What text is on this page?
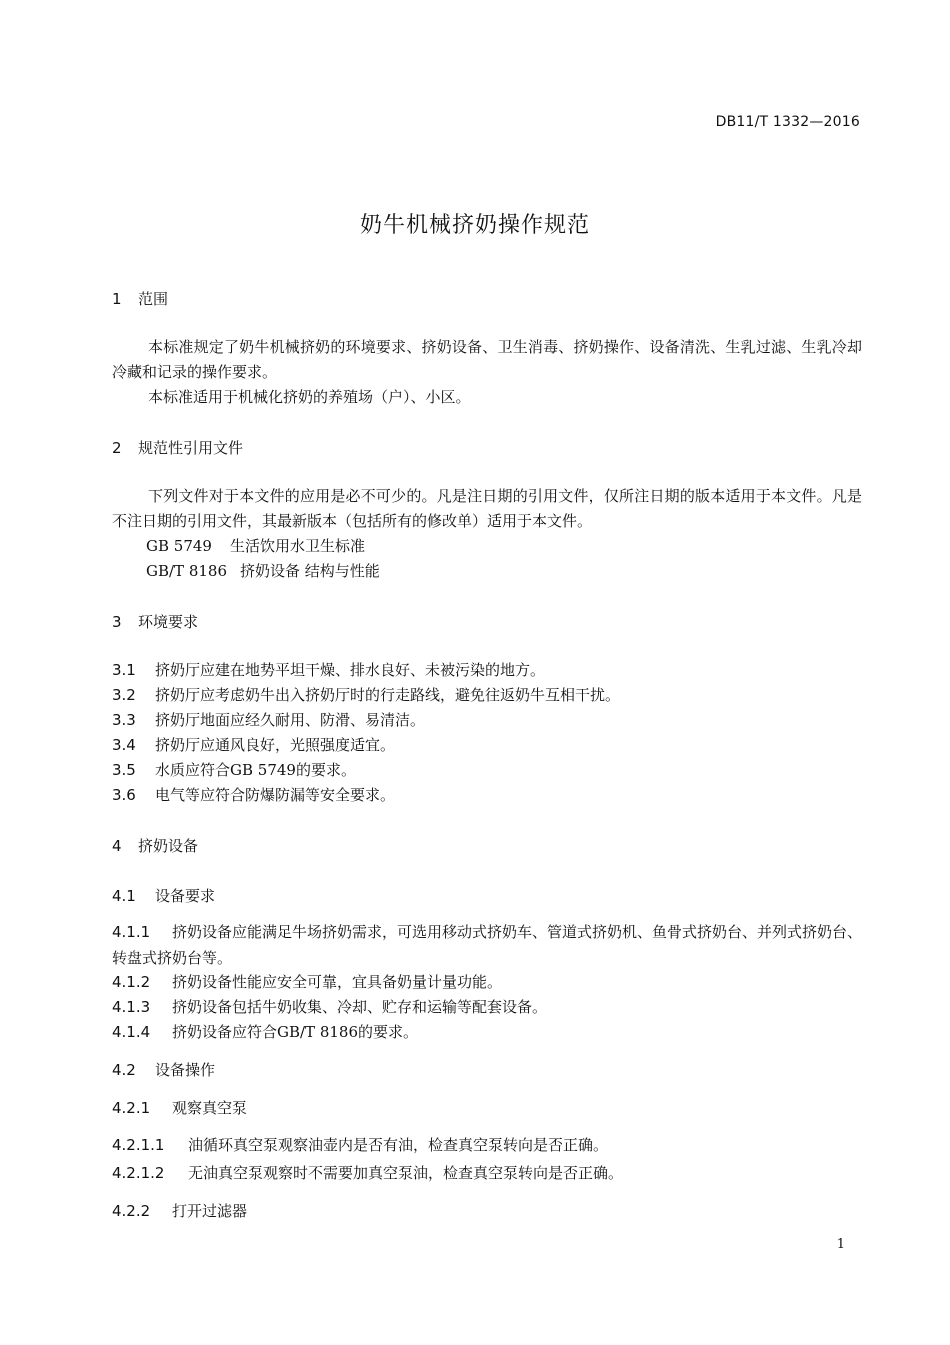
DB11/T 1332—2016
奶牛机械挤奶操作规范
1 范围
本标准规定了奶牛机械挤奶的环境要求、挤奶设备、卫生消毒、挤奶操作、设备清洗、生乳过滤、生乳冷却冷藏和记录的操作要求。
本标准适用于机械化挤奶的养殖场（户）、小区。
2 规范性引用文件
下列文件对于本文件的应用是必不可少的。凡是注日期的引用文件，仅所注日期的版本适用于本文件。凡是不注日期的引用文件，其最新版本（包括所有的修改单）适用于本文件。
GB 5749 生活饮用水卫生标准
GB/T 8186 挤奶设备 结构与性能
3 环境要求
3.1 挤奶厅应建在地势平坦干燥、排水良好、未被污染的地方。
3.2 挤奶厅应考虑奶牛出入挤奶厅时的行走路线，避免往返奶牛互相干扰。
3.3 挤奶厅地面应经久耐用、防滑、易清洁。
3.4 挤奶厅应通风良好，光照强度适宜。
3.5 水质应符合GB 5749的要求。
3.6 电气等应符合防爆防漏等安全要求。
4 挤奶设备
4.1 设备要求
4.1.1 挤奶设备应能满足牛场挤奶需求，可选用移动式挤奶车、管道式挤奶机、鱼骨式挤奶台、并列式挤奶台、转盘式挤奶台等。
4.1.2 挤奶设备性能应安全可靠，宜具备奶量计量功能。
4.1.3 挤奶设备包括牛奶收集、冷却、贮存和运输等配套设备。
4.1.4 挤奶设备应符合GB/T 8186的要求。
4.2 设备操作
4.2.1 观察真空泵
4.2.1.1 油循环真空泵观察油壶内是否有油，检查真空泵转向是否正确。
4.2.1.2 无油真空泵观察时不需要加真空泵油，检查真空泵转向是否正确。
4.2.2 打开过滤器
1
